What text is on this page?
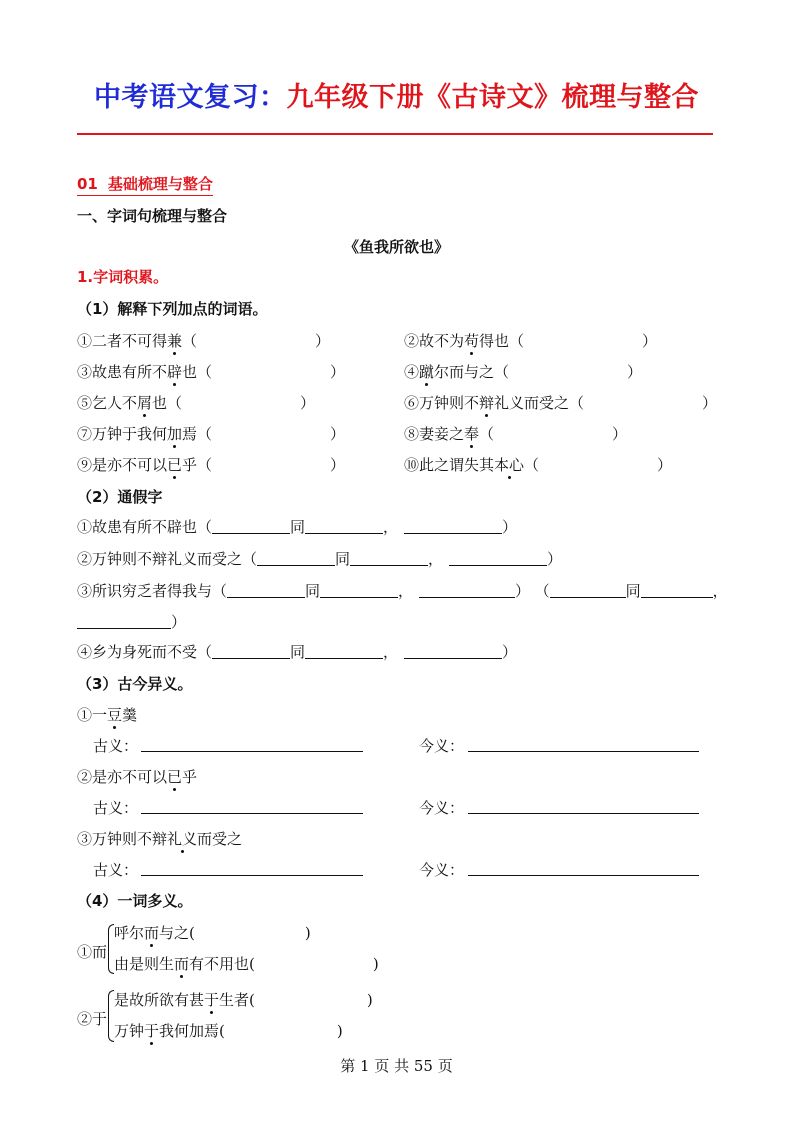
中考语文复习：九年级下册《古诗文》梳理与整合
01 基础梳理与整合
一、字词句梳理与整合
《鱼我所欲也》
1.字词积累。
（1）解释下列加点的词语。
①二者不可得兼（	）	②故不为苟得也（	）
③故患有所不辟也（	）	④蹴尔而与之（	）
⑤乞人不屑也（	）	⑥万钟则不辩礼义而受之（	）
⑦万钟于我何加焉（	）	⑧妻妾之奉（	）
⑨是亦不可以已乎（	）	⑩此之谓失其本心（	）
（2）通假字
①故患有所不辟也（	同	，	）
②万钟则不辩礼义而受之（	同	，	）
③所识穷乏者得我与（	同	，	） （	同	，
）
④乡为身死而不受（	同	，	）
（3）古今异义。
①一豆羹
古义：	今义：
②是亦不可以已乎
古义：	今义：
③万钟则不辩礼义而受之
古义：	今义：
（4）一词多义。
①而
呼尔而与之(	)
由是则生而有不用也(	)
②于
是故所欲有甚于生者(	)
万钟于我何加焉(	)
第 1 页 共 55 页
